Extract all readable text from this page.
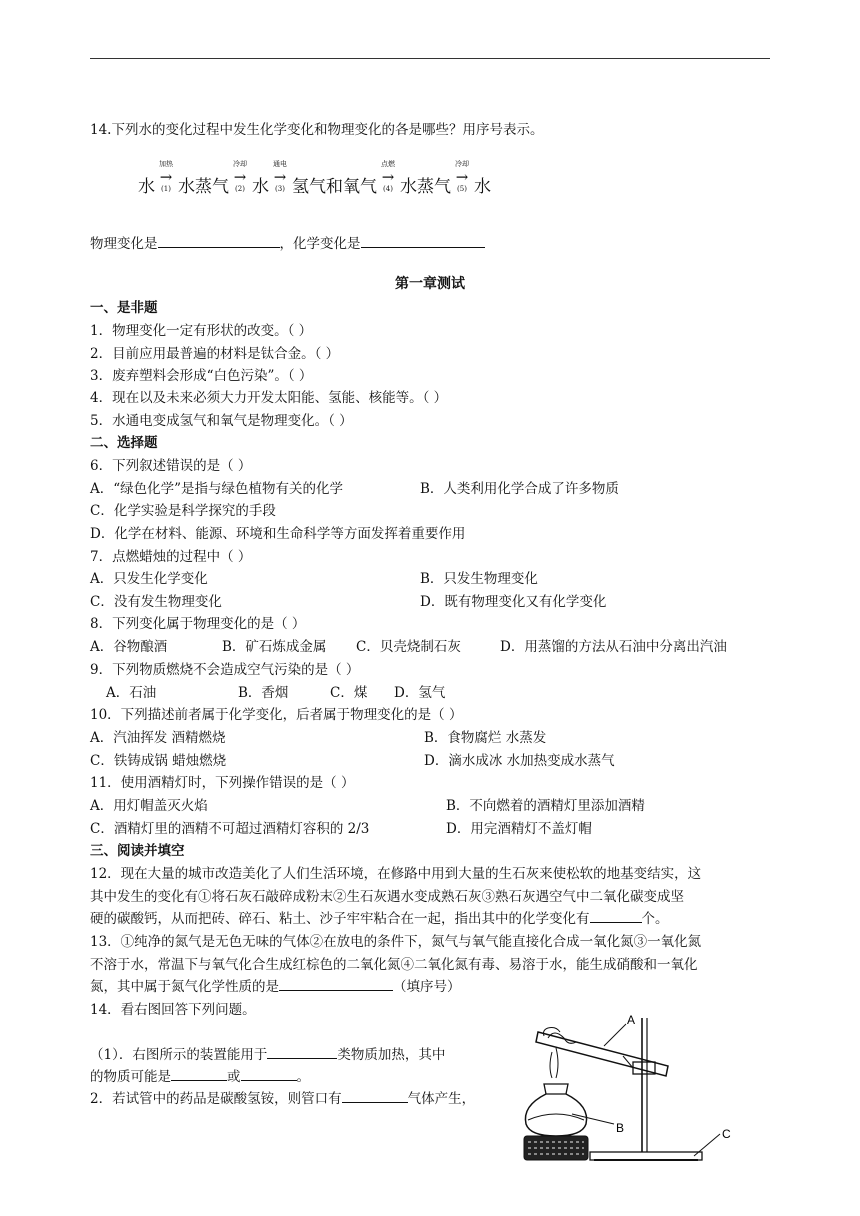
14.下列水的变化过程中发生化学变化和物理变化的各是哪些？用序号表示。
水
加热
→
(1) 水蒸气
冷却
→
(2) 水
通电
→
(3) 氢气和氧气
点燃
→
(4) 水蒸气
冷却
→
(5) 水
物理变化是	，化学变化是
第一章测试
一、是非题
1．物理变化一定有形状的改变。（ ）
2．目前应用最普遍的材料是钛合金。（ ）
3．废弃塑料会形成“白色污染”。（ ）
4．现在以及未来必须大力开发太阳能、氢能、核能等。（ ）
5．水通电变成氢气和氧气是物理变化。（ ）
二、选择题
6．下列叙述错误的是（ ）
A．“绿色化学”是指与绿色植物有关的化学	B．人类利用化学合成了许多物质
C．化学实验是科学探究的手段
D．化学在材料、能源、环境和生命科学等方面发挥着重要作用
7．点燃蜡烛的过程中（ ）
A．只发生化学变化	B．只发生物理变化
C．没有发生物理变化	D．既有物理变化又有化学变化
8．下列变化属于物理变化的是（ ）
A．谷物酿酒	B．矿石炼成金属 C．贝壳烧制石灰	D．用蒸馏的方法从石油中分离出汽油
9．下列物质燃烧不会造成空气污染的是（ ）
A．石油	B．香烟	C．煤 D．氢气
10．下列描述前者属于化学变化，后者属于物理变化的是（ ）
A．汽油挥发 酒精燃烧	B．食物腐烂 水蒸发
C．铁铸成锅 蜡烛燃烧	D．滴水成冰 水加热变成水蒸气
11．使用酒精灯时，下列操作错误的是（ ）
A．用灯帽盖灭火焰	B．不向燃着的酒精灯里添加酒精
C．酒精灯里的酒精不可超过酒精灯容积的 2/3	D．用完酒精灯不盖灯帽
三、阅读并填空
12．现在大量的城市改造美化了人们生活环境，在修路中用到大量的生石灰来使松软的地基变结实，这
其中发生的变化有①将石灰石敲碎成粉末②生石灰遇水变成熟石灰③熟石灰遇空气中二氧化碳变成坚
硬的碳酸钙，从而把砖、碎石、粘土、沙子牢牢粘合在一起，指出其中的化学变化有	个。
13．①纯净的氮气是无色无味的气体②在放电的条件下，氮气与氧气能直接化合成一氧化氮③一氧化氮
不溶于水，常温下与氧气化合生成红棕色的二氧化氮④二氧化氮有毒、易溶于水，能生成硝酸和一氧化
氮，其中属于氮气化学性质的是	（填序号）
14．看右图回答下列问题。
（1）．右图所示的装置能用于	类物质加热，其中
的物质可能是	或	。
2．若试管中的药品是碳酸氢铵，则管口有	气体产生，
A
B	C
